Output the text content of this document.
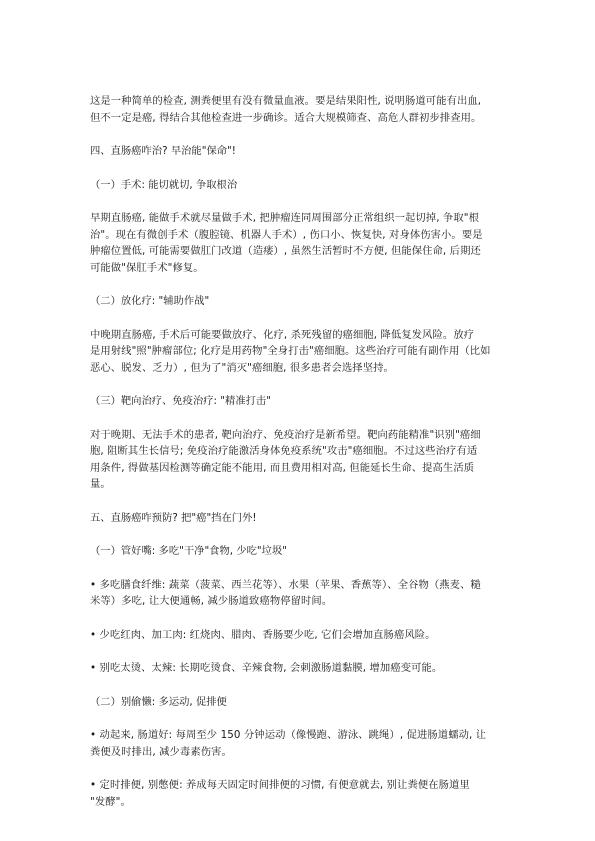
这是一种简单的检查, 测粪便里有没有微量血液。要是结果阳性, 说明肠道可能有出血,
但不一定是癌, 得结合其他检查进一步确诊。适合大规模筛查、高危人群初步排查用。
四、直肠癌咋治? 早治能"保命"!
（一）手术: 能切就切, 争取根治
早期直肠癌, 能做手术就尽量做手术, 把肿瘤连同周围部分正常组织一起切掉, 争取"根
治"。现在有微创手术（腹腔镜、机器人手术）, 伤口小、恢复快, 对身体伤害小。要是
肿瘤位置低, 可能需要做肛门改道（造瘘）, 虽然生活暂时不方便, 但能保住命, 后期还
可能做"保肛手术"修复。
（二）放化疗: "辅助作战"
中晚期直肠癌, 手术后可能要做放疗、化疗, 杀死残留的癌细胞, 降低复发风险。放疗
是用射线"照"肿瘤部位; 化疗是用药物"全身打击"癌细胞。这些治疗可能有副作用（比如
恶心、脱发、乏力）, 但为了"消灭"癌细胞, 很多患者会选择坚持。
（三）靶向治疗、免疫治疗: "精准打击"
对于晚期、无法手术的患者, 靶向治疗、免疫治疗是新希望。靶向药能精准"识别"癌细
胞, 阻断其生长信号; 免疫治疗能激活身体免疫系统"攻击"癌细胞。不过这些治疗有适
用条件, 得做基因检测等确定能不能用, 而且费用相对高, 但能延长生命、提高生活质
量。
五、直肠癌咋预防? 把"癌"挡在门外!
（一）管好嘴: 多吃"干净"食物, 少吃"垃圾"
• 多吃膳食纤维: 蔬菜（菠菜、西兰花等）、水果（苹果、香蕉等）、全谷物（燕麦、糙
米等）多吃, 让大便通畅, 减少肠道致癌物停留时间。
• 少吃红肉、加工肉: 红烧肉、腊肉、香肠要少吃, 它们会增加直肠癌风险。
• 别吃太烫、太辣: 长期吃烫食、辛辣食物, 会刺激肠道黏膜, 增加癌变可能。
（二）别偷懒: 多运动, 促排便
• 动起来, 肠道好: 每周至少 150 分钟运动（像慢跑、游泳、跳绳）, 促进肠道蠕动, 让
粪便及时排出, 减少毒素伤害。
• 定时排便, 别憋便: 养成每天固定时间排便的习惯, 有便意就去, 别让粪便在肠道里
"发酵"。
